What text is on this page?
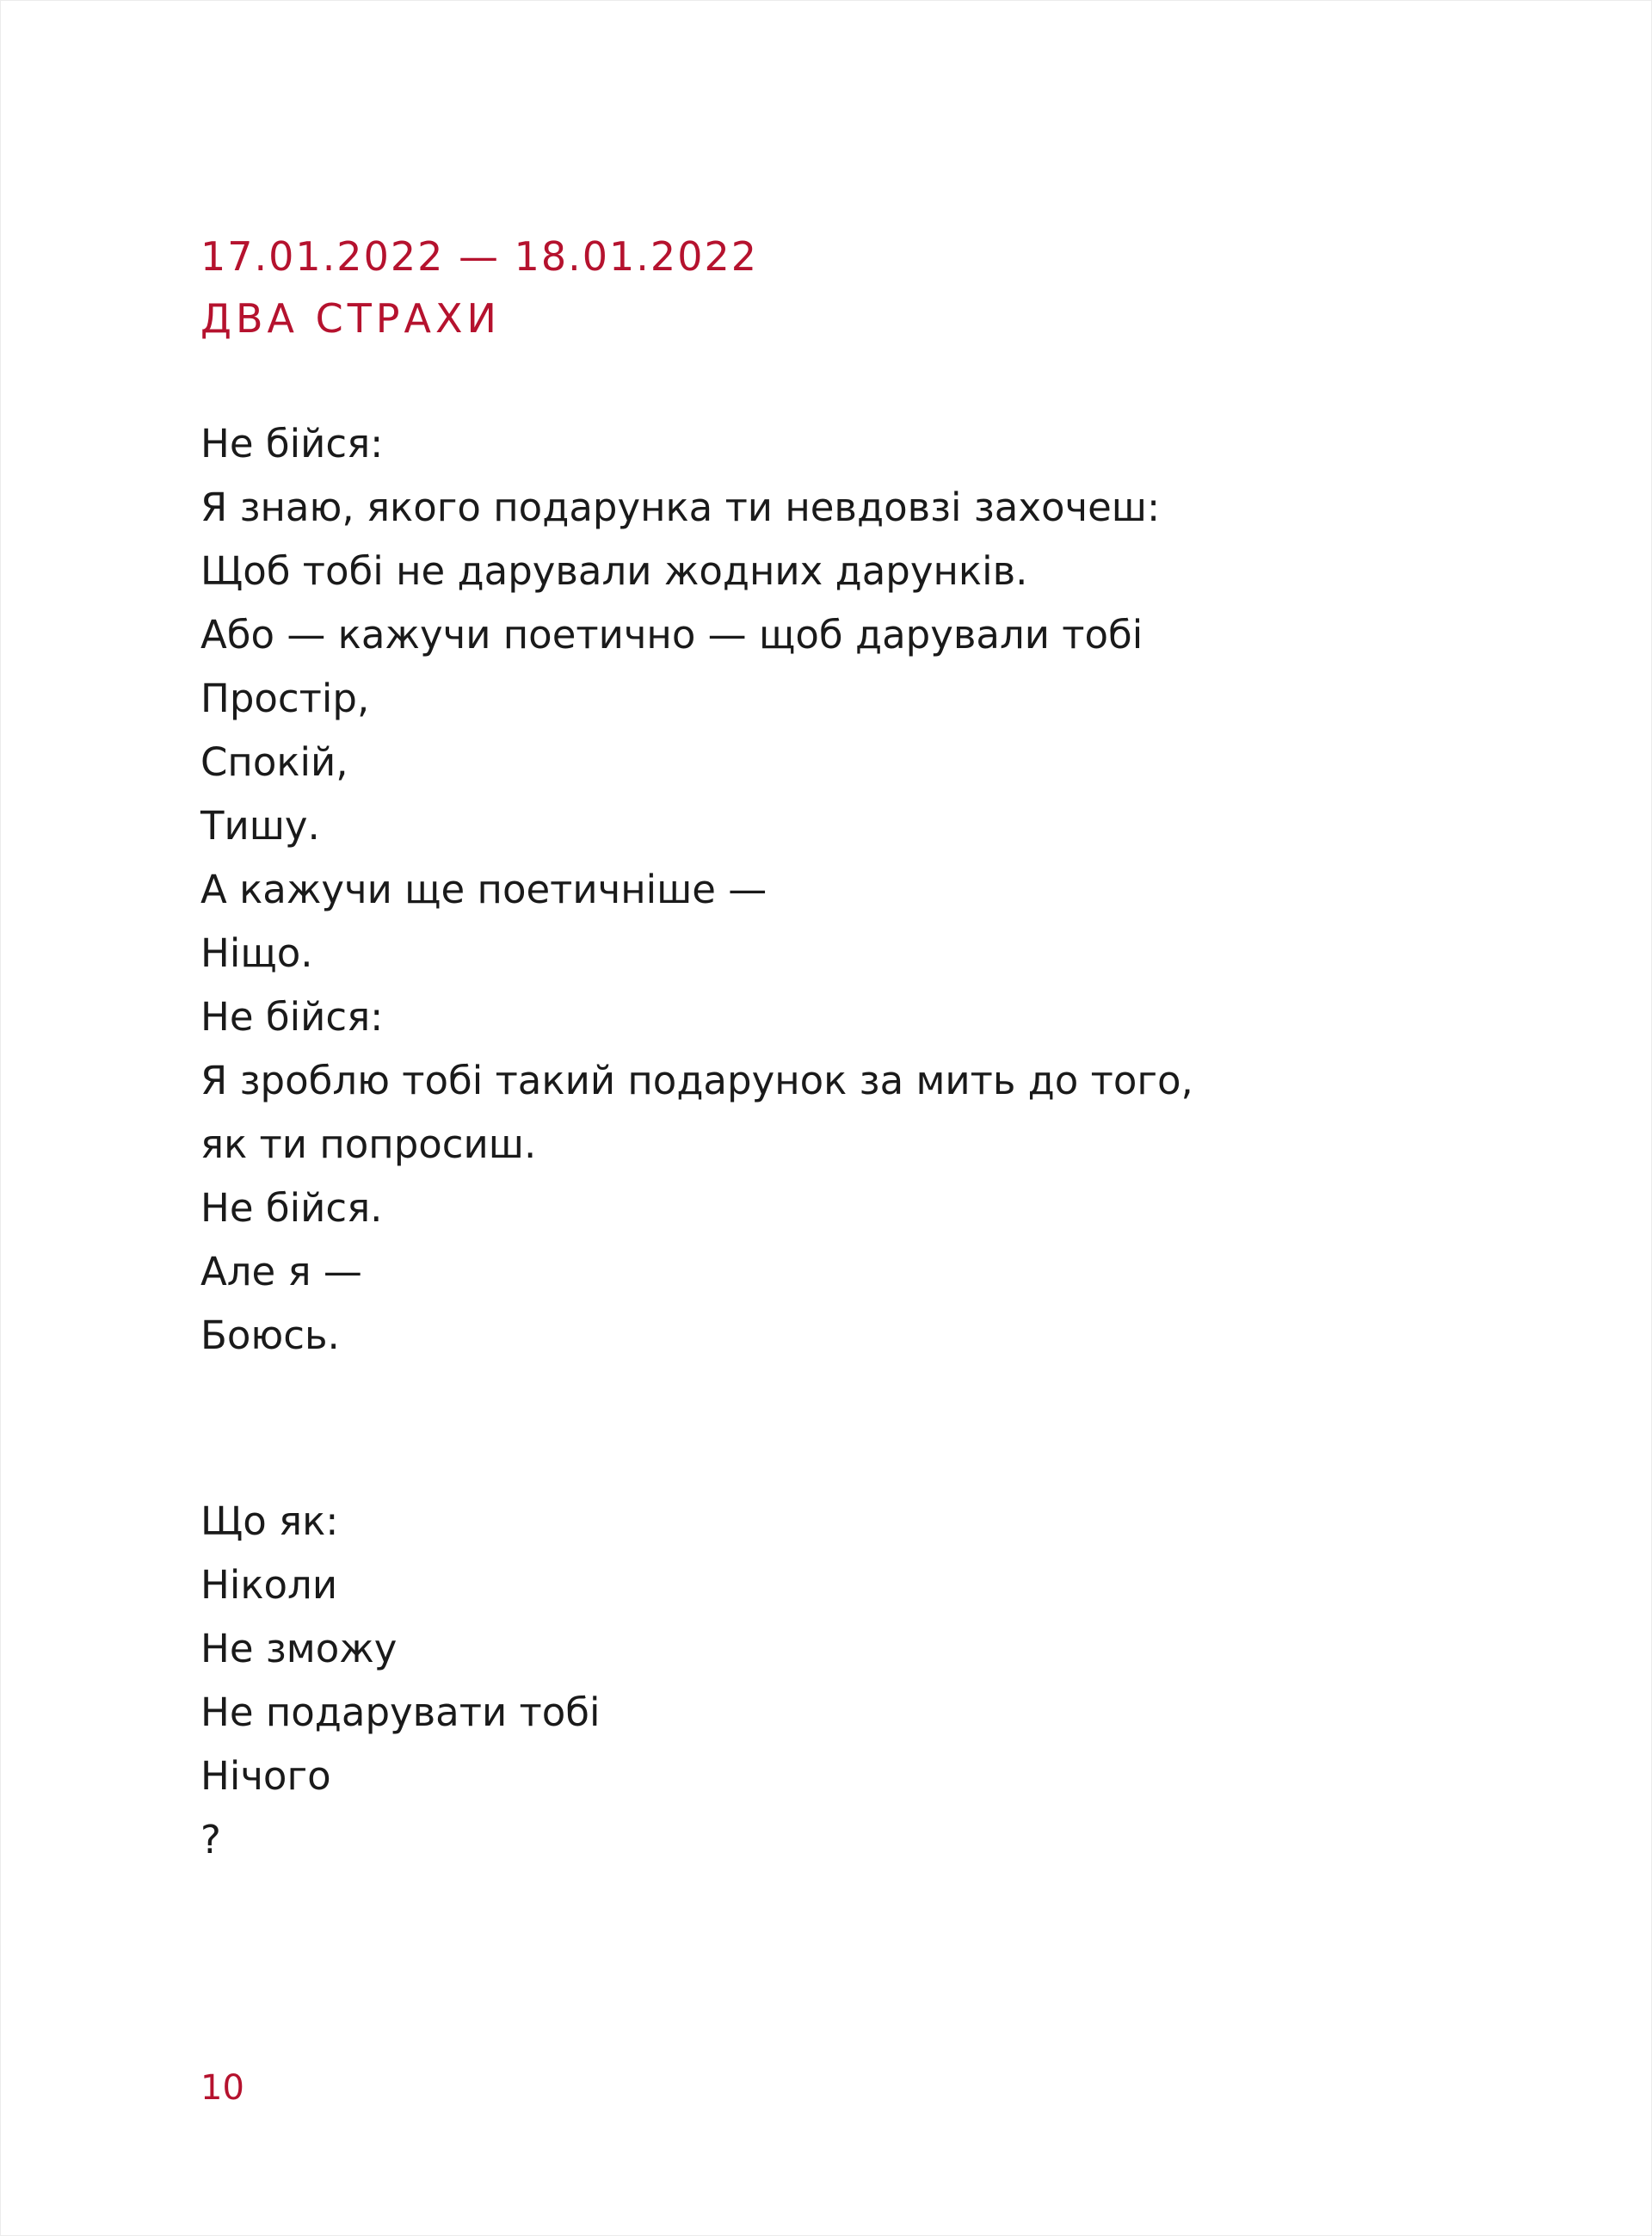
17.01.2022 — 18.01.2022
ДВА СТРАХИ
Не бійся:
Я знаю, якого подарунка ти невдовзі захочеш:
Щоб тобі не дарували жодних дарунків.
Або — кажучи поетично — щоб дарували тобі
Простір,
Спокій,
Тишу.
А кажучи ще поетичніше —
Ніщо.
Не бійся:
Я зроблю тобі такий подарунок за мить до того,
як ти попросиш.
Не бійся.
Але я —
Боюсь.
Що як:
Ніколи
Не зможу
Не подарувати тобі
Нічого
?
10
